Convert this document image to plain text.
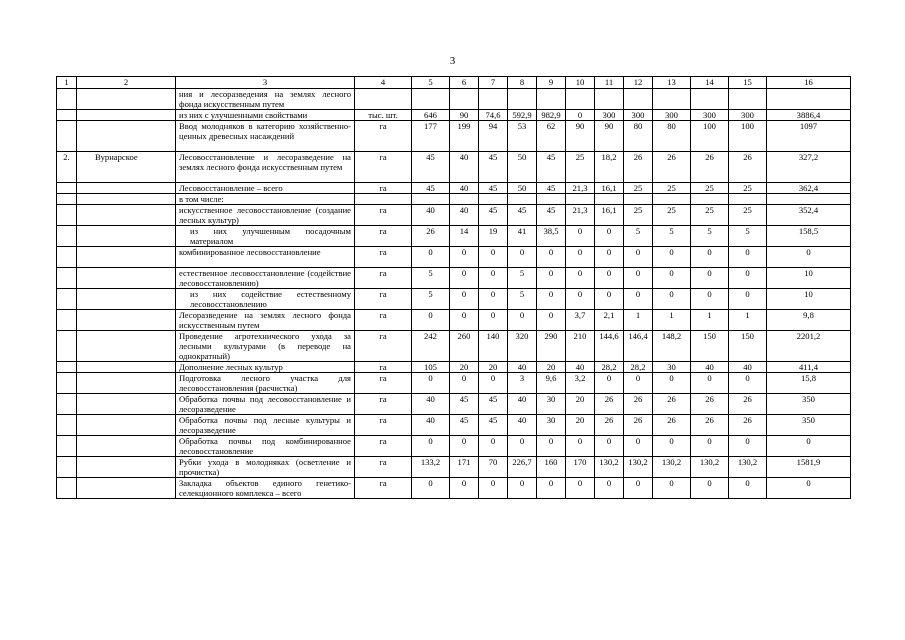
3
1	2	3	4	5	6	7	8	9	10	11	12	13	14	15	16
		ния и лесоразведения на землях лесного фонда искусственным путем													
		из них с улучшенными свойствами	тыс. шт.	646	90	74,6	592,9	982,9	0	300	300	300	300	300	3886,4
		Ввод молодняков в категорию хозяйственно-ценных древесных насаждений	га	177	199	94	53	62	90	90	80	80	100	100	1097
2.	Вурнарское	Лесовосстановление и лесоразведение на землях лесного фонда искусственным путем	га	45	40	45	50	45	25	18,2	26	26	26	26	327,2
		Лесовосстановление – всего	га	45	40	45	50	45	21,3	16,1	25	25	25	25	362,4
		в том числе:													
		искусственное лесовосстановление (создание лесных культур)	га	40	40	45	45	45	21,3	16,1	25	25	25	25	352,4
		из них улучшенным посадочным материалом	га	26	14	19	41	38,5	0	0	5	5	5	5	158,5
		комбинированное лесовосстановление	га	0	0	0	0	0	0	0	0	0	0	0	0
		естественное лесовосстановление (содействие лесовосстановлению)	га	5	0	0	5	0	0	0	0	0	0	0	10
		из них содействие естественному лесовосстановлению	га	5	0	0	5	0	0	0	0	0	0	0	10
		Лесоразведение на землях лесного фонда искусственным путем	га	0	0	0	0	0	3,7	2,1	1	1	1	1	9,8
		Проведение агротехнического ухода за лесными культурами (в переводе на однократный)	га	242	260	140	320	290	210	144,6	146,4	148,2	150	150	2201,2
		Дополнение лесных культур	га	105	20	20	40	20	40	28,2	28,2	30	40	40	411,4
		Подготовка лесного участка для лесовосстановления (расчистка)	га	0	0	0	3	9,6	3,2	0	0	0	0	0	15,8
		Обработка почвы под лесовосстановление и лесоразведение	га	40	45	45	40	30	20	26	26	26	26	26	350
		Обработка почвы под лесные культуры и лесоразведение	га	40	45	45	40	30	20	26	26	26	26	26	350
		Обработка почвы под комбинированное лесовосстановление	га	0	0	0	0	0	0	0	0	0	0	0	0
		Рубки ухода в молодняках (осветление и прочистка)	га	133,2	171	70	226,7	160	170	130,2	130,2	130,2	130,2	130,2	1581,9
		Закладка объектов единого генетико-селекционного комплекса – всего	га	0	0	0	0	0	0	0	0	0	0	0	0
